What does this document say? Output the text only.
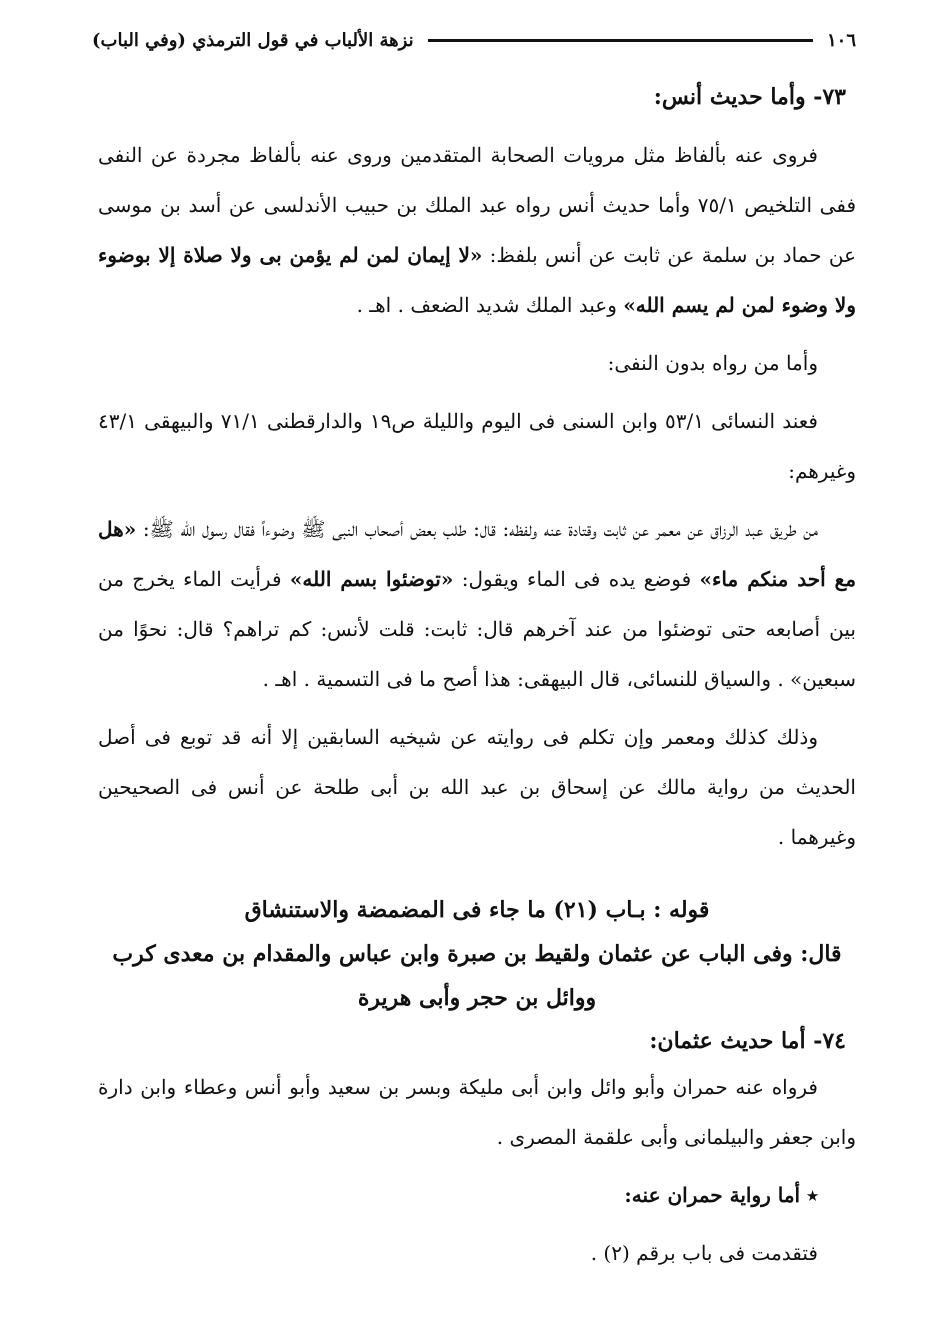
١٠٦
نزهة الألباب في قول الترمذي (وفي الباب)
٧٣- وأما حديث أنس:

فروى عنه بألفاظ مثل مرويات الصحابة المتقدمين وروى عنه بألفاظ مجردة عن النفى ففى التلخيص ٧٥/١ وأما حديث أنس رواه عبد الملك بن حبيب الأندلسى عن أسد بن موسى عن حماد بن سلمة عن ثابت عن أنس بلفظ: «لا إيمان لمن لم يؤمن بى ولا صلاة إلا بوضوء ولا وضوء لمن لم يسم الله» وعبد الملك شديد الضعف . اهـ .

وأما من رواه بدون النفى:

فعند النسائى ٥٣/١ وابن السنى فى اليوم والليلة ص١٩ والدارقطنى ٧١/١ والبيهقى ٤٣/١ وغيرهم:

من طريق عبد الرزاق عن معمر عن ثابت وقتادة عنه ولفظه: قال: طلب بعض أصحاب النبى ﷺ وضوءاً فقال رسول الله ﷺ: «هل مع أحد منكم ماء» فوضع يده فى الماء ويقول: «توضئوا بسم الله» فرأيت الماء يخرج من بين أصابعه حتى توضئوا من عند آخرهم قال: ثابت: قلت لأنس: كم تراهم؟ قال: نحوًا من سبعين» . والسياق للنسائى، قال البيهقى: هذا أصح ما فى التسمية . اهـ .

وذلك كذلك ومعمر وإن تكلم فى روايته عن شيخيه السابقين إلا أنه قد توبع فى أصل الحديث من رواية مالك عن إسحاق بن عبد الله بن أبى طلحة عن أنس فى الصحيحين وغيرهما .

قوله : بـاب (٢١) ما جاء فى المضمضة والاستنشاق
قال: وفى الباب عن عثمان ولقيط بن صبرة وابن عباس والمقدام بن معدى كرب ووائل بن حجر وأبى هريرة
٧٤- أما حديث عثمان:

فرواه عنه حمران وأبو وائل وابن أبى مليكة وبسر بن سعيد وأبو أنس وعطاء وابن دارة وابن جعفر والبيلمانى وأبى علقمة المصرى .

٭ أما رواية حمران عنه:
فتقدمت فى باب برقم (٢) .
